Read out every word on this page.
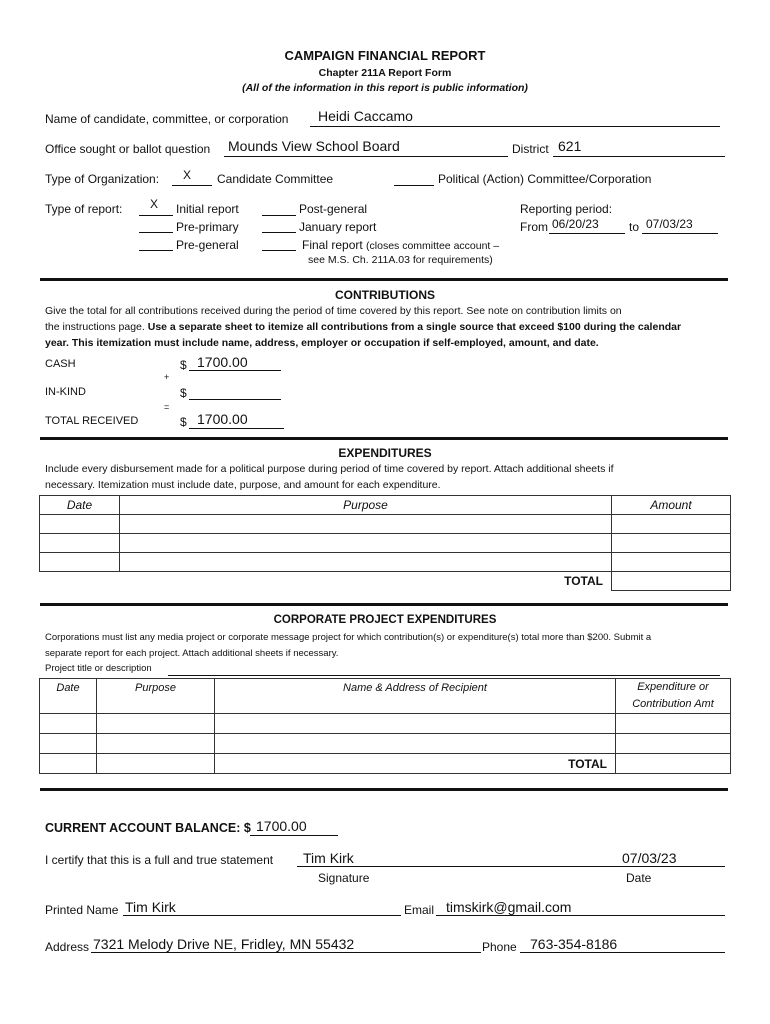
CAMPAIGN FINANCIAL REPORT
Chapter 211A Report Form
(All of the information in this report is public information)
Name of candidate, committee, or corporation Heidi Caccamo
Office sought or ballot question Mounds View School Board	District 621
Type of Organization: X Candidate Committee	Political (Action) Committee/Corporation
Type of report: X Initial report
Pre-primary
Pre-general
Post-general
January report
Final report (closes committee account –
see M.S. Ch. 211A.03 for requirements)
Reporting period:
From 06/20/23	to 07/03/23
CONTRIBUTIONS
Give the total for all contributions received during the period of time covered by this report. See note on contribution limits on
the instructions page. Use a separate sheet to itemize all contributions from a single source that exceed $100 during the calendar
year. This itemization must include name, address, employer or occupation if self-employed, amount, and date.
CASH	$ 1700.00
+
IN-KIND	$
=
TOTAL RECEIVED	$ 1700.00
EXPENDITURES
Include every disbursement made for a political purpose during period of time covered by report. Attach additional sheets if
necessary. Itemization must include date, purpose, and amount for each expenditure.
Date	Purpose	Amount

	TOTAL	
CORPORATE PROJECT EXPENDITURES
Corporations must list any media project or corporate message project for which contribution(s) or expenditure(s) total more than $200. Submit a
separate report for each project. Attach additional sheets if necessary.
Project title or description
Date	Purpose	Name & Address of Recipient	Expenditure or
Contribution Amt

		TOTAL	
CURRENT ACCOUNT BALANCE: $ 1700.00
I certify that this is a full and true statement Tim Kirk	07/03/23
Signature	Date
Printed Name Tim Kirk	Email timskirk@gmail.com
Address 7321 Melody Drive NE, Fridley, MN 55432	Phone 763-354-8186
